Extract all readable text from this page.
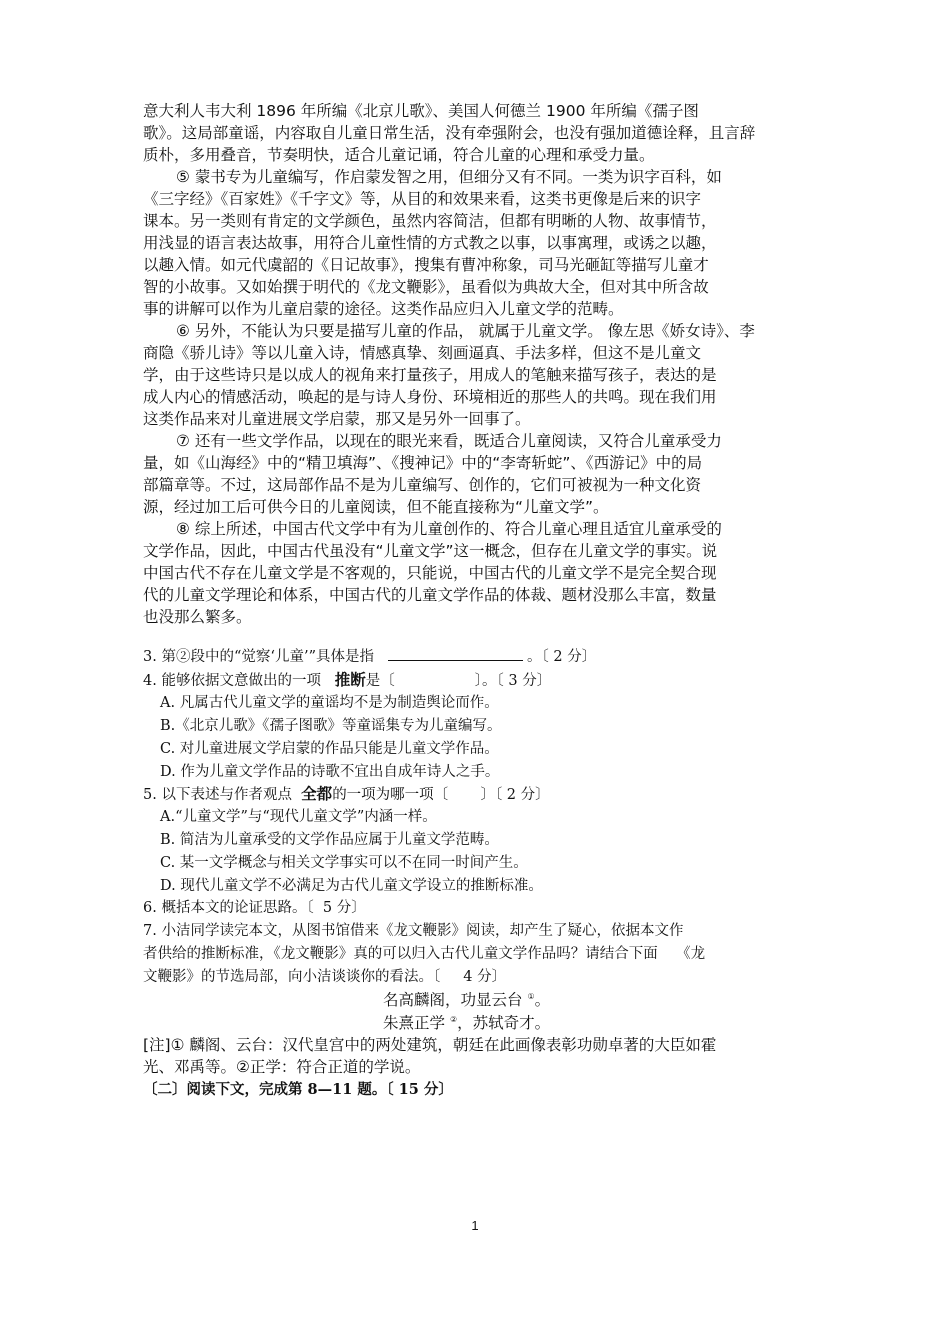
意大利人韦大利 1896 年所编《北京儿歌》、美国人何德兰 1900 年所编《孺子图
歌》。这局部童谣，内容取自儿童日常生活，没有牵强附会，也没有强加道德诠释，且言辞
质朴，多用叠音，节奏明快，适合儿童记诵，符合儿童的心理和承受力量。
⑤ 蒙书专为儿童编写，作启蒙发智之用，但细分又有不同。一类为识字百科，如
《三字经》《百家姓》《千字文》等，从目的和效果来看，这类书更像是后来的识字
课本。另一类则有肯定的文学颜色，虽然内容简洁，但都有明晰的人物、故事情节，
用浅显的语言表达故事，用符合儿童性情的方式教之以事，以事寓理，或诱之以趣，
以趣入情。如元代虞韶的《日记故事》，搜集有曹冲称象，司马光砸缸等描写儿童才
智的小故事。又如始撰于明代的《龙文鞭影》，虽看似为典故大全，但对其中所含故
事的讲解可以作为儿童启蒙的途径。这类作品应归入儿童文学的范畴。
⑥ 另外，不能认为只要是描写儿童的作品， 就属于儿童文学。 像左思《娇女诗》、李
商隐《骄儿诗》等以儿童入诗，情感真挚、刻画逼真、手法多样，但这不是儿童文
学，由于这些诗只是以成人的视角来打量孩子，用成人的笔触来描写孩子，表达的是
成人内心的情感活动，唤起的是与诗人身份、环境相近的那些人的共鸣。现在我们用
这类作品来对儿童进展文学启蒙，那又是另外一回事了。
⑦ 还有一些文学作品，以现在的眼光来看，既适合儿童阅读，又符合儿童承受力
量，如《山海经》中的“精卫填海”、《搜神记》中的“李寄斩蛇”、《西游记》中的局
部篇章等。不过，这局部作品不是为儿童编写、创作的，它们可被视为一种文化资
源，经过加工后可供今日的儿童阅读，但不能直接称为“儿童文学”。
⑧ 综上所述，中国古代文学中有为儿童创作的、符合儿童心理且适宜儿童承受的
文学作品，因此，中国古代虽没有“儿童文学”这一概念，但存在儿童文学的事实。说
中国古代不存在儿童文学是不客观的，只能说，中国古代的儿童文学不是完全契合现
代的儿童文学理论和体系，中国古代的儿童文学作品的体裁、题材没那么丰富，数量
也没那么繁多。
3. 第②段中的“觉察‘儿童’”具体是指	。〔 2 分〕
4. 能够依据文意做出的一项 推断是〔	〕。〔 3 分〕
A. 凡属古代儿童文学的童谣均不是为制造舆论而作。
B.《北京儿歌》《孺子图歌》等童谣集专为儿童编写。
C. 对儿童进展文学启蒙的作品只能是儿童文学作品。
D. 作为儿童文学作品的诗歌不宜出自成年诗人之手。
5. 以下表述与作者观点 全都的一项为哪一项〔       〕〔 2 分〕
A.“儿童文学”与“现代儿童文学”内涵一样。
B. 简洁为儿童承受的文学作品应属于儿童文学范畴。
C. 某一文学概念与相关文学事实可以不在同一时间产生。
D. 现代儿童文学不必满足为古代儿童文学设立的推断标准。
6. 概括本文的论证思路。〔  5 分〕
7. 小洁同学读完本文，从图书馆借来《龙文鞭影》阅读，却产生了疑心，依据本文作
者供给的推断标准，《龙文鞭影》真的可以归入古代儿童文学作品吗？请结合下面    《龙
文鞭影》的节选局部，向小洁谈谈你的看法。〔     4 分〕
名高麟阁，功显云台 ①。
朱熹正学 ②，苏轼奇才。
[注]① 麟阁、云台：汉代皇宫中的两处建筑，朝廷在此画像表彰功勋卓著的大臣如霍
光、邓禹等。②正学：符合正道的学说。
〔二〕阅读下文，完成第 8—11 题。〔 15 分〕
1
